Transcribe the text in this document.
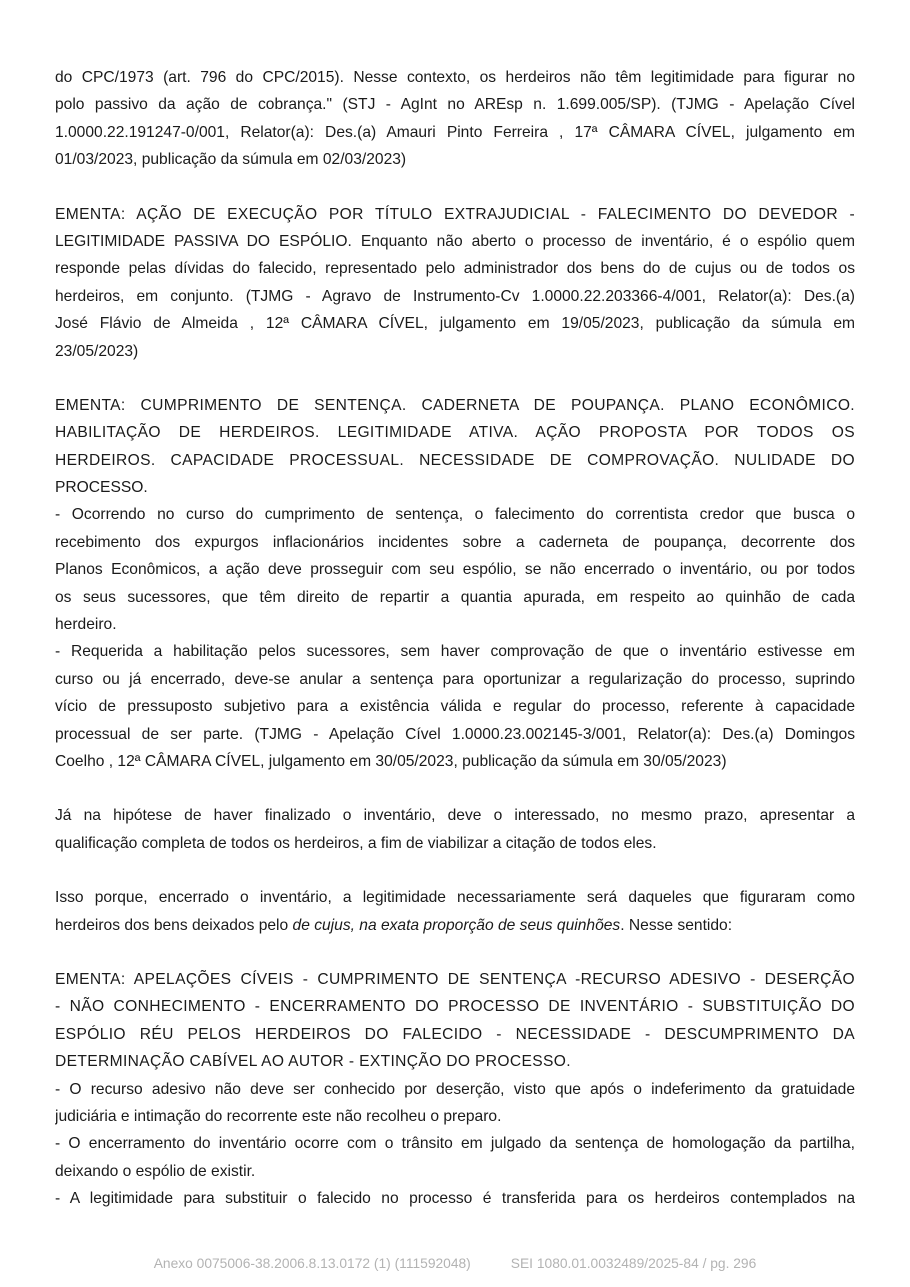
do CPC/1973 (art. 796 do CPC/2015). Nesse contexto, os herdeiros não têm legitimidade para figurar no
polo passivo da ação de cobrança." (STJ - AgInt no AREsp n. 1.699.005/SP). (TJMG - Apelação Cível
1.0000.22.191247-0/001, Relator(a): Des.(a) Amauri Pinto Ferreira , 17ª CÂMARA CÍVEL, julgamento em
01/03/2023, publicação da súmula em 02/03/2023)
EMENTA: AÇÃO DE EXECUÇÃO POR TÍTULO EXTRAJUDICIAL - FALECIMENTO DO DEVEDOR -
LEGITIMIDADE PASSIVA DO ESPÓLIO. Enquanto não aberto o processo de inventário, é o espólio quem
responde pelas dívidas do falecido, representado pelo administrador dos bens do de cujus ou de todos os
herdeiros, em conjunto. (TJMG - Agravo de Instrumento-Cv 1.0000.22.203366-4/001, Relator(a): Des.(a)
José Flávio de Almeida , 12ª CÂMARA CÍVEL, julgamento em 19/05/2023, publicação da súmula em
23/05/2023)
EMENTA: CUMPRIMENTO DE SENTENÇA. CADERNETA DE POUPANÇA. PLANO ECONÔMICO.
HABILITAÇÃO DE HERDEIROS. LEGITIMIDADE ATIVA. AÇÃO PROPOSTA POR TODOS OS
HERDEIROS. CAPACIDADE PROCESSUAL. NECESSIDADE DE COMPROVAÇÃO. NULIDADE DO
PROCESSO.
- Ocorrendo no curso do cumprimento de sentença, o falecimento do correntista credor que busca o
recebimento dos expurgos inflacionários incidentes sobre a caderneta de poupança, decorrente dos
Planos Econômicos, a ação deve prosseguir com seu espólio, se não encerrado o inventário, ou por todos
os seus sucessores, que têm direito de repartir a quantia apurada, em respeito ao quinhão de cada
herdeiro.
- Requerida a habilitação pelos sucessores, sem haver comprovação de que o inventário estivesse em
curso ou já encerrado, deve-se anular a sentença para oportunizar a regularização do processo, suprindo
vício de pressuposto subjetivo para a existência válida e regular do processo, referente à capacidade
processual de ser parte. (TJMG - Apelação Cível 1.0000.23.002145-3/001, Relator(a): Des.(a) Domingos
Coelho , 12ª CÂMARA CÍVEL, julgamento em 30/05/2023, publicação da súmula em 30/05/2023)
Já na hipótese de haver finalizado o inventário, deve o interessado, no mesmo prazo, apresentar a
qualificação completa de todos os herdeiros, a fim de viabilizar a citação de todos eles.
Isso porque, encerrado o inventário, a legitimidade necessariamente será daqueles que figuraram como
herdeiros dos bens deixados pelo de cujus, na exata proporção de seus quinhões. Nesse sentido:
EMENTA: APELAÇÕES CÍVEIS - CUMPRIMENTO DE SENTENÇA -RECURSO ADESIVO - DESERÇÃO
- NÃO CONHECIMENTO - ENCERRAMENTO DO PROCESSO DE INVENTÁRIO - SUBSTITUIÇÃO DO
ESPÓLIO RÉU PELOS HERDEIROS DO FALECIDO - NECESSIDADE - DESCUMPRIMENTO DA
DETERMINAÇÃO CABÍVEL AO AUTOR - EXTINÇÃO DO PROCESSO.
- O recurso adesivo não deve ser conhecido por deserção, visto que após o indeferimento da gratuidade
judiciária e intimação do recorrente este não recolheu o preparo.
- O encerramento do inventário ocorre com o trânsito em julgado da sentença de homologação da partilha,
deixando o espólio de existir.
- A legitimidade para substituir o falecido no processo é transferida para os herdeiros contemplados na
Anexo 0075006-38.2006.8.13.0172 (1) (111592048)	SEI 1080.01.0032489/2025-84 / pg. 296
